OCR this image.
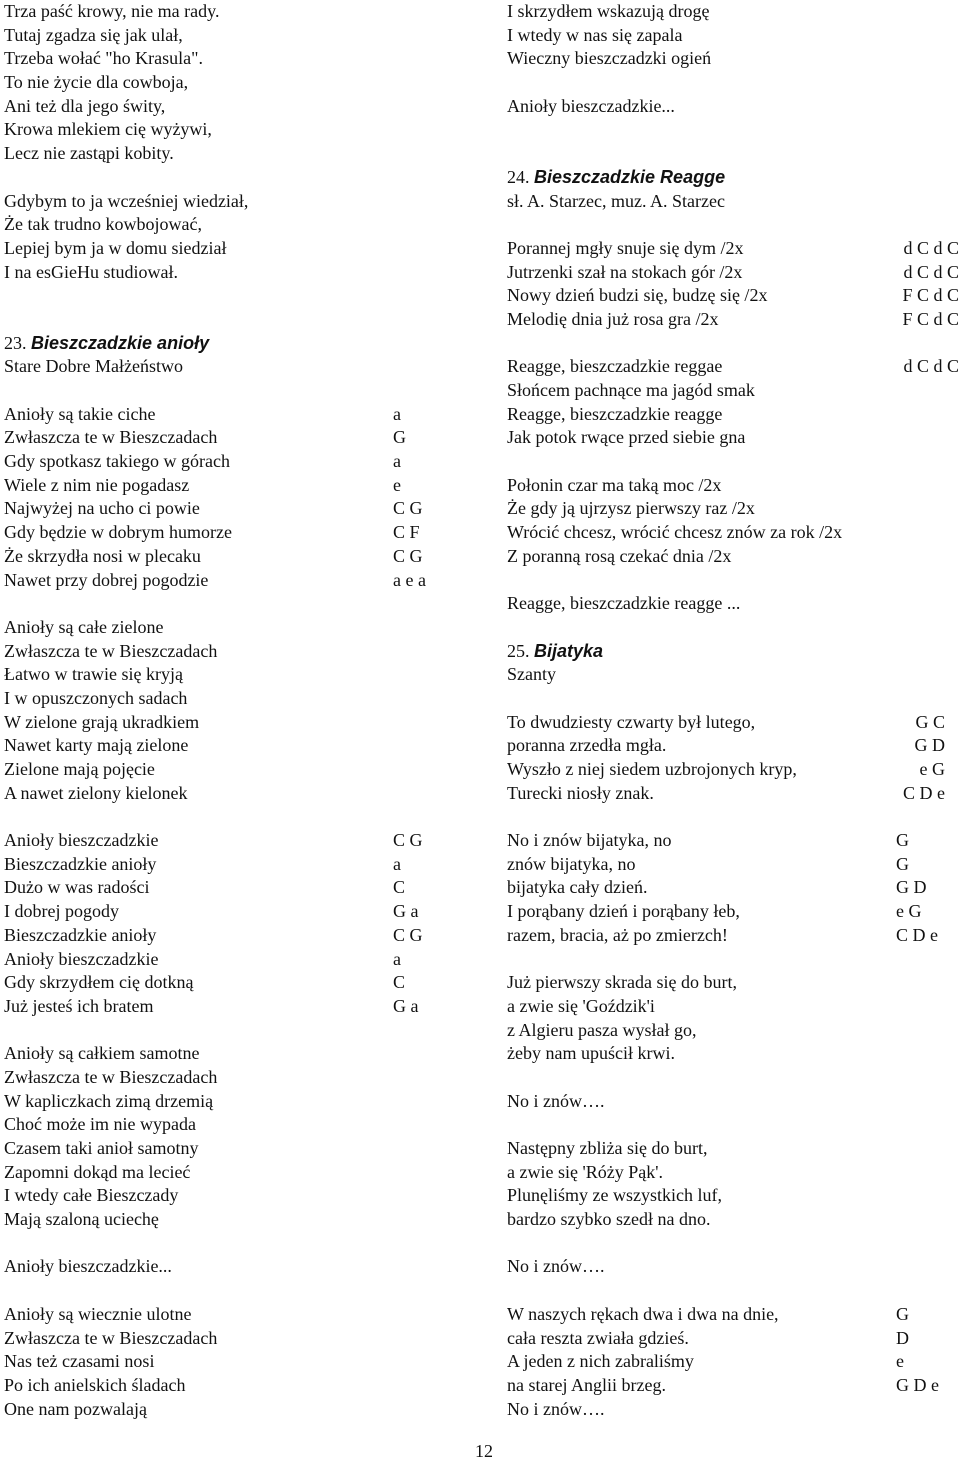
Trza paść krowy, nie ma rady.
Tutaj zgadza się jak ulał,
Trzeba wołać "ho Krasula".
To nie życie dla cowboja,
Ani też dla jego świty,
Krowa mlekiem cię wyżywi,
Lecz nie zastąpi kobity.
Gdybym to ja wcześniej wiedział,
Że tak trudno kowbojować,
Lepiej bym ja w domu siedział
I na esGieHu studiował.
23. Bieszczadzkie anioły
Stare Dobre Małżeństwo
Anioły są takie ciche	a
Zwłaszcza te w Bieszczadach	G
Gdy spotkasz takiego w górach	a
Wiele z nim nie pogadasz	e
Najwyżej na ucho ci powie	C G
Gdy będzie w dobrym humorze	C F
Że skrzydła nosi w plecaku	C G
Nawet przy dobrej pogodzie	a e a
Anioły są całe zielone
Zwłaszcza te w Bieszczadach
Łatwo w trawie się kryją
I w opuszczonych sadach
W zielone grają ukradkiem
Nawet karty mają zielone
Zielone mają pojęcie
A nawet zielony kielonek
Anioły bieszczadzkie	C G
Bieszczadzkie anioły	a
Dużo w was radości	C
I dobrej pogody	G a
Bieszczadzkie anioły	C G
Anioły bieszczadzkie	a
Gdy skrzydłem cię dotkną	C
Już jesteś ich bratem	G a
Anioły są całkiem samotne
Zwłaszcza te w Bieszczadach
W kapliczkach zimą drzemią
Choć może im nie wypada
Czasem taki anioł samotny
Zapomni dokąd ma lecieć
I wtedy całe Bieszczady
Mają szaloną uciechę
Anioły bieszczadzkie...
Anioły są wiecznie ulotne
Zwłaszcza te w Bieszczadach
Nas też czasami nosi
Po ich anielskich śladach
One nam pozwalają
I skrzydłem wskazują drogę
I wtedy w nas się zapala
Wieczny bieszczadzki ogień
Anioły bieszczadzkie...
24. Bieszczadzkie Reagge
sł. A. Starzec, muz. A. Starzec
Porannej mgły snuje się dym /2x	d C d C
Jutrzenki szał na stokach gór /2x	d C d C
Nowy dzień budzi się, budzę się /2x	F C d C
Melodię dnia już rosa gra /2x	F C d C
Reagge, bieszczadzkie reggae	d C d C
Słońcem pachnące ma jagód smak
Reagge, bieszczadzkie reagge
Jak potok rwące przed siebie gna
Połonin czar ma taką moc /2x
Że gdy ją ujrzysz pierwszy raz /2x
Wrócić chcesz, wrócić chcesz znów za rok /2x
Z poranną rosą czekać dnia /2x
Reagge, bieszczadzkie reagge ...
25. Bijatyka
Szanty
To dwudziesty czwarty był lutego,	G C
poranna zrzedła mgła.	G D
Wyszło z niej siedem uzbrojonych kryp,	e G
Turecki niosły znak.	C D e
No i znów bijatyka, no	G
znów bijatyka, no	G
bijatyka cały dzień.	G D
I porąbany dzień i porąbany łeb,	e G
razem, bracia, aż po zmierzch!	C D e
Już pierwszy skrada się do burt,
a zwie się 'Goździk'i
z Algieru pasza wysłał go,
żeby nam upuścił krwi.
No i znów….
Następny zbliża się do burt,
a zwie się 'Róży Pąk'.
Plunęliśmy ze wszystkich luf,
bardzo szybko szedł na dno.
No i znów….
W naszych rękach dwa i dwa na dnie,	G
cała reszta zwiała gdzieś.	D
A jeden z nich zabraliśmy	e
na starej Anglii brzeg.	G D e
No i znów….
12
